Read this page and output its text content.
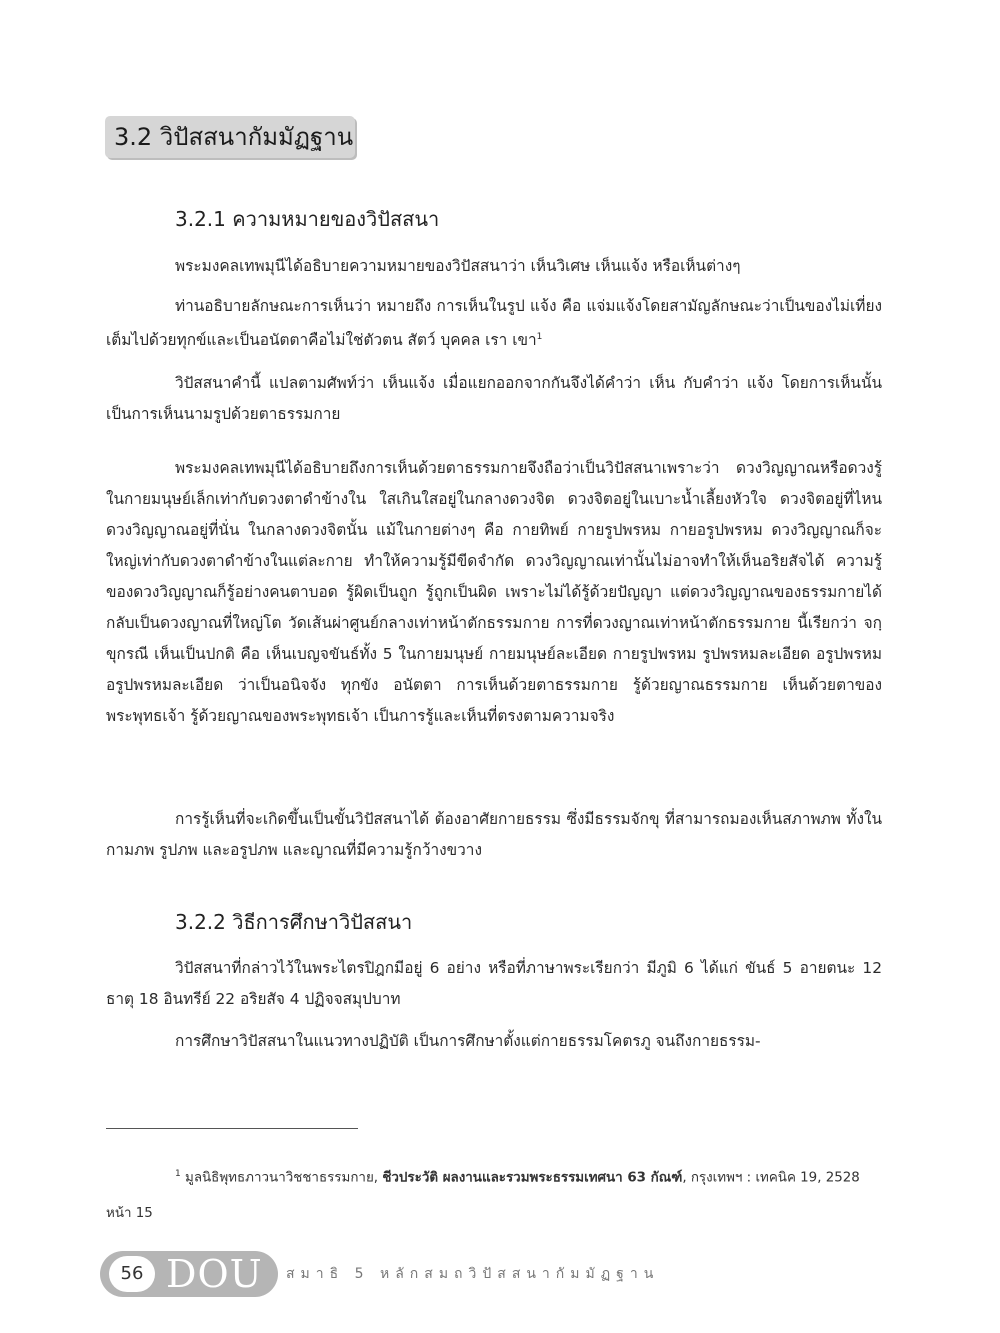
3.2 วิปัสสนากัมมัฏฐาน
3.2.1 ความหมายของวิปัสสนา

พระมงคลเทพมุนีได้อธิบายความหมายของวิปัสสนาว่า เห็นวิเศษ เห็นแจ้ง หรือเห็นต่างๆ

ท่านอธิบายลักษณะการเห็นว่า หมายถึง การเห็นในรูป แจ้ง คือ แจ่มแจ้งโดยสามัญลักษณะว่าเป็นของไม่เที่ยง เต็มไปด้วยทุกข์และเป็นอนัตตาคือไม่ใช่ตัวตน สัตว์ บุคคล เรา เขา$^1$

วิปัสสนาคำนี้ แปลตามศัพท์ว่า เห็นแจ้ง เมื่อแยกออกจากกันจึงได้คำว่า เห็น กับคำว่า แจ้ง โดยการเห็นนั้นเป็นการเห็นนามรูปด้วยตาธรรมกาย

พระมงคลเทพมุนีได้อธิบายถึงการเห็นด้วยตาธรรมกายจึงถือว่าเป็นวิปัสสนาเพราะว่า ดวงวิญญาณหรือดวงรู้ในกายมนุษย์เล็กเท่ากับดวงตาดำข้างใน ใสเกินใสอยู่ในกลางดวงจิต ดวงจิตอยู่ในเบาะน้ำเลี้ยงหัวใจ ดวงจิตอยู่ที่ไหน ดวงวิญญาณอยู่ที่นั่น ในกลางดวงจิตนั้น แม้ในกายต่างๆ คือ กายทิพย์ กายรูปพรหม กายอรูปพรหม ดวงวิญญาณก็จะใหญ่เท่ากับดวงตาดำข้างในแต่ละกาย ทำให้ความรู้มีขีดจำกัด ดวงวิญญาณเท่านั้นไม่อาจทำให้เห็นอริยสัจได้ ความรู้ของดวงวิญญาณก็รู้อย่างคนตาบอด รู้ผิดเป็นถูก รู้ถูกเป็นผิด เพราะไม่ได้รู้ด้วยปัญญา แต่ดวงวิญญาณของธรรมกายได้กลับเป็นดวงญาณที่ใหญ่โต วัดเส้นผ่าศูนย์กลางเท่าหน้าตักธรรมกาย การที่ดวงญาณเท่าหน้าตักธรรมกาย นี้เรียกว่า จกฺขุกรณี เห็นเป็นปกติ คือ เห็นเบญจขันธ์ทั้ง 5 ในกายมนุษย์ กายมนุษย์ละเอียด กายรูปพรหม รูปพรหมละเอียด อรูปพรหม อรูปพรหมละเอียด ว่าเป็นอนิจจัง ทุกขัง อนัตตา การเห็นด้วยตาธรรมกาย รู้ด้วยญาณธรรมกาย เห็นด้วยตาของพระพุทธเจ้า รู้ด้วยญาณของพระพุทธเจ้า เป็นการรู้และเห็นที่ตรงตามความจริง

การรู้เห็นที่จะเกิดขึ้นเป็นขั้นวิปัสสนาได้ ต้องอาศัยกายธรรม ซึ่งมีธรรมจักขุ ที่สามารถมองเห็นสภาพภพ ทั้งในกามภพ รูปภพ และอรูปภพ และญาณที่มีความรู้กว้างขวาง

3.2.2 วิธีการศึกษาวิปัสสนา

วิปัสสนาที่กล่าวไว้ในพระไตรปิฎกมีอยู่ 6 อย่าง หรือที่ภาษาพระเรียกว่า มีภูมิ 6 ได้แก่ ขันธ์ 5 อายตนะ 12 ธาตุ 18 อินทรีย์ 22 อริยสัจ 4 ปฏิจจสมุปบาท

การศึกษาวิปัสสนาในแนวทางปฏิบัติ เป็นการศึกษาตั้งแต่กายธรรมโคตรภู จนถึงกายธรรม-

$^1$ มูลนิธิพุทธภาวนาวิชชาธรรมกาย, ชีวประวัติ ผลงานและรวมพระธรรมเทศนา 63 กัณฑ์, กรุงเทพฯ : เทคนิค 19, 2528 หน้า 15

56 DOU สมาธิ 5 หลักสมถวิปัสสนากัมมัฏฐาน
